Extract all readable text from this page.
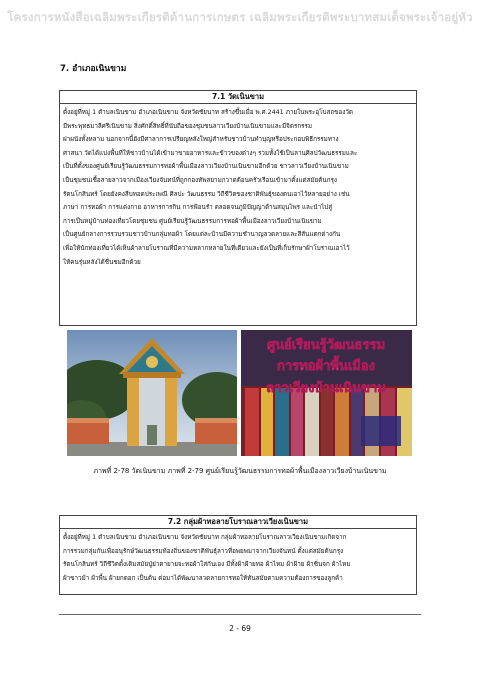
โครงการหนังสือเฉลิมพระเกียรติด้านการเกษตร เฉลิมพระเกียรติพระบาทสมเด็จพระเจ้าอยู่หัว
7. อำเภอเนินขาม
7.1 วัดเนินขาม
ตั้งอยู่ที่หมู่ 1 ตำบลเนินขาม อำเภอเนินขาม จังหวัดชัยนาท สร้างขึ้นเมื่อ พ.ศ.2441 ภายในพระอุโบสถของวัด
มีพระพุทธมาลีศรีเนินขาม สิ่งศักดิ์สิทธิ์ที่นับถือของชุมชนลาวเวียงบ้านเนินขามและมีจิตรกรรม
ฝาผนังทั้งหลาม นอกจากนี้ยังมีศาลาการเปรียญหลังใหญ่สำหรับชาวบ้านทำบุญหรือประกอบพิธีกรรมทาง
ศาสนา วัดได้แบ่งพื้นที่ให้ชาวบ้านได้เข้ามาขายอาหารและข้าวของต่างๆ รวมทั้งใช้เป็นลานศิลปวัฒนธรรมและ
เป็นที่ตั้งของศูนย์เรียนรู้วัฒนธรรมการทอผ้าพื้นเมืองลาวเวียงบ้านเนินขามอีกด้วย ชาวลาวเวียงบ้านเนินขาม
เป็นชุมชนเชื้อสายลาวจากเมืองเวียงจันทน์ที่ถูกกองทัพสยามกวาดต้อนครัวเรือนเข้ามาตั้งแต่สมัยต้นกรุง
รัตนโกสินทร์ โดยยังคงสืบทอดประเพณี ศิลปะ วัฒนธรรม วิถีชีวิตของชาติพันธุ์ของตนเอาไว้หลายอย่าง เช่น
ภาษา การทอผ้า การแต่งกาย อาหารการกิน การฟ้อนรำ ตลอดจนภูมิปัญญาด้านสมุนไพร และนำไปสู่
การเป็นหมู่บ้านท่องเที่ยวโดยชุมชน ศูนย์เรียนรู้วัฒนธรรมการทอผ้าพื้นเมืองลาวเวียงบ้านเนินขาม
เป็นศูนย์กลางการรวบรวมชาวบ้านกลุ่มทอผ้า โดยแต่ละบ้านมีความชำนาญลวดลายและสีสันแตกต่างกัน
เพื่อให้นักท่องเที่ยวได้เห็นผ้าลายโบราณที่มีความหลากหลายในที่เดียวและยังเป็นที่เก็บรักษาผ้าโบราณเอาไว้
ให้คนรุ่นหลังได้ชื่นชมอีกด้วย
ศูนย์เรียนรู้วัฒนธรรม
การทอผ้าพื้นเมือง
ลาวเวียงบ้านเนินขาม
ภาพที่ 2-78 วัดเนินขาม ภาพที่ 2-79 ศูนย์เรียนรู้วัฒนธรรมการทอผ้าพื้นเมืองลาวเวียงบ้านเนินขาม
7.2 กลุ่มผ้าทอลายโบราณลาวเวียงเนินขาม
ตั้งอยู่ที่หมู่ 1 ตำบลเนินขาม อำเภอเนินขาม จังหวัดชัยนาท กลุ่มผ้าทอลายโบราณลาวเวียงเนินขามเกิดจาก
การรวมกลุ่มกันเพื่ออนุรักษ์วัฒนธรรมท้องถิ่นของชาติพันธุ์ลาวที่อพยพมาจากเวียงจันทน์ ตั้งแต่สมัยต้นกรุง
รัตนโกสินทร์ วิถีชีวิตดั้งเดิมสมัยปู่ย่าตายายจะทอผ้าใส่กันเอง มีทั้งผ้าฝ้ายทอ ผ้าไหม ผ้าฝ้าย ผ้าซิ่นจก ผ้าไหม
ผ้าขาวม้า ผ้าพื้น ผ้ายกดอก เป็นต้น ต่อมาได้พัฒนาลวดลายการทอให้ทันสมัยตามความต้องการของลูกค้า
2 - 69
